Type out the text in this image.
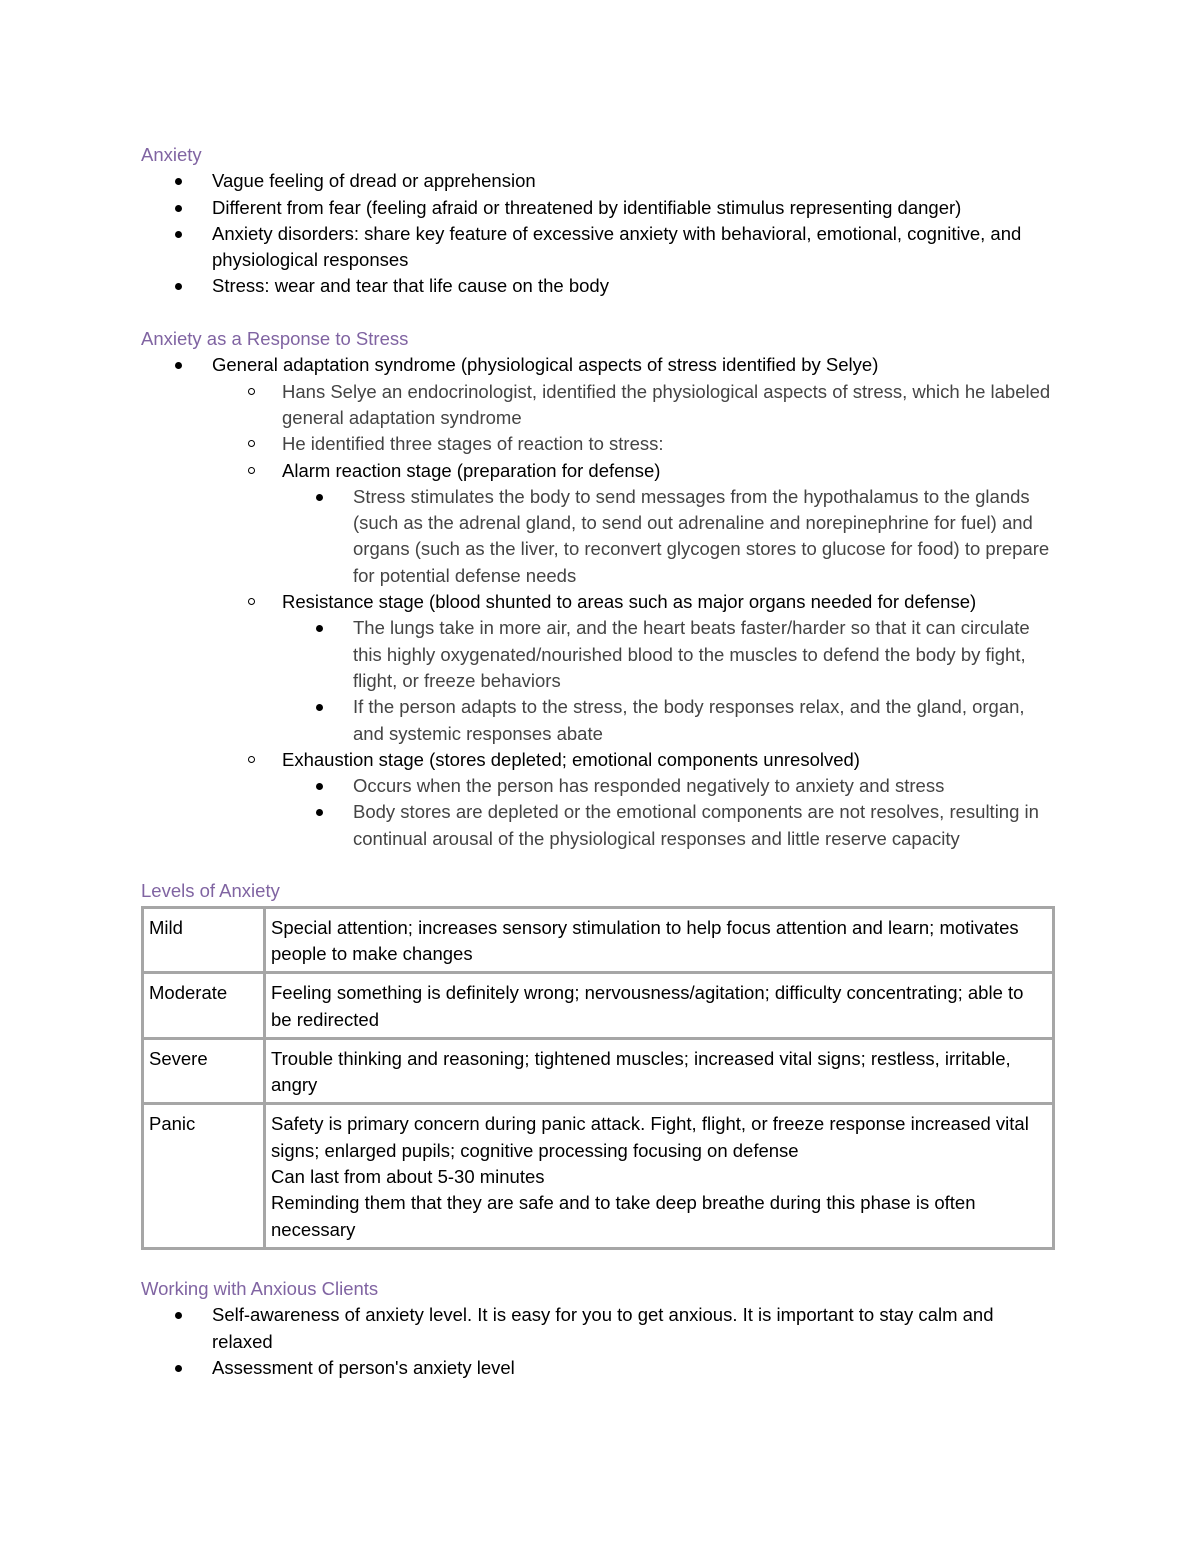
Anxiety
Vague feeling of dread or apprehension
Different from fear (feeling afraid or threatened by identifiable stimulus representing danger)
Anxiety disorders: share key feature of excessive anxiety with behavioral, emotional, cognitive, and physiological responses
Stress: wear and tear that life cause on the body
Anxiety as a Response to Stress
General adaptation syndrome (physiological aspects of stress identified by Selye)
Hans Selye an endocrinologist, identified the physiological aspects of stress, which he labeled general adaptation syndrome
He identified three stages of reaction to stress:
Alarm reaction stage (preparation for defense)
Stress stimulates the body to send messages from the hypothalamus to the glands (such as the adrenal gland, to send out adrenaline and norepinephrine for fuel) and organs (such as the liver, to reconvert glycogen stores to glucose for food) to prepare for potential defense needs
Resistance stage (blood shunted to areas such as major organs needed for defense)
The lungs take in more air, and the heart beats faster/harder so that it can circulate this highly oxygenated/nourished blood to the muscles to defend the body by fight, flight, or freeze behaviors
If the person adapts to the stress, the body responses relax, and the gland, organ, and systemic responses abate
Exhaustion stage (stores depleted; emotional components unresolved)
Occurs when the person has responded negatively to anxiety and stress
Body stores are depleted or the emotional components are not resolves, resulting in continual arousal of the physiological responses and little reserve capacity
Levels of Anxiety
Mild	Special attention; increases sensory stimulation to help focus attention and learn; motivates people to make changes

Moderate	Feeling something is definitely wrong; nervousness/agitation; difficulty concentrating; able to be redirected

Severe	Trouble thinking and reasoning; tightened muscles; increased vital signs; restless, irritable, angry

Panic	Safety is primary concern during panic attack. Fight, flight, or freeze response increased vital signs; enlarged pupils; cognitive processing focusing on defense
Can last from about 5-30 minutes
Reminding them that they are safe and to take deep breathe during this phase is often necessary
Working with Anxious Clients
Self-awareness of anxiety level. It is easy for you to get anxious. It is important to stay calm and relaxed
Assessment of person's anxiety level
